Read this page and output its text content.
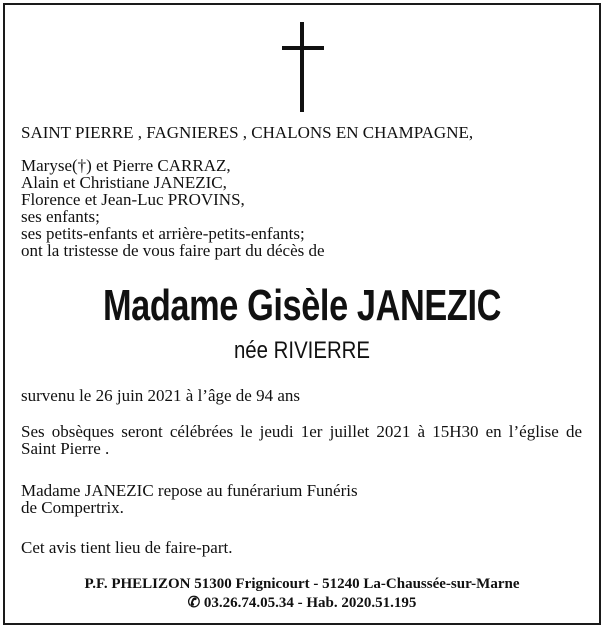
SAINT PIERRE , FAGNIERES , CHALONS EN CHAMPAGNE,
Maryse(†) et Pierre CARRAZ,
Alain et Christiane JANEZIC,
Florence et Jean-Luc PROVINS,
ses enfants;
ses petits-enfants et arrière-petits-enfants;
ont la tristesse de vous faire part du décès de
Madame Gisèle JANEZIC
née RIVIERRE
survenu le 26 juin 2021 à l’âge de 94 ans
Ses obsèques seront célébrées le jeudi 1er juillet 2021 à 15H30 en l’église de Saint Pierre .
Madame JANEZIC repose au funérarium Funéris
de Compertrix.
Cet avis tient lieu de faire-part.
P.F. PHELIZON 51300 Frignicourt - 51240 La-Chaussée-sur-Marne
✆ 03.26.74.05.34 - Hab. 2020.51.195
